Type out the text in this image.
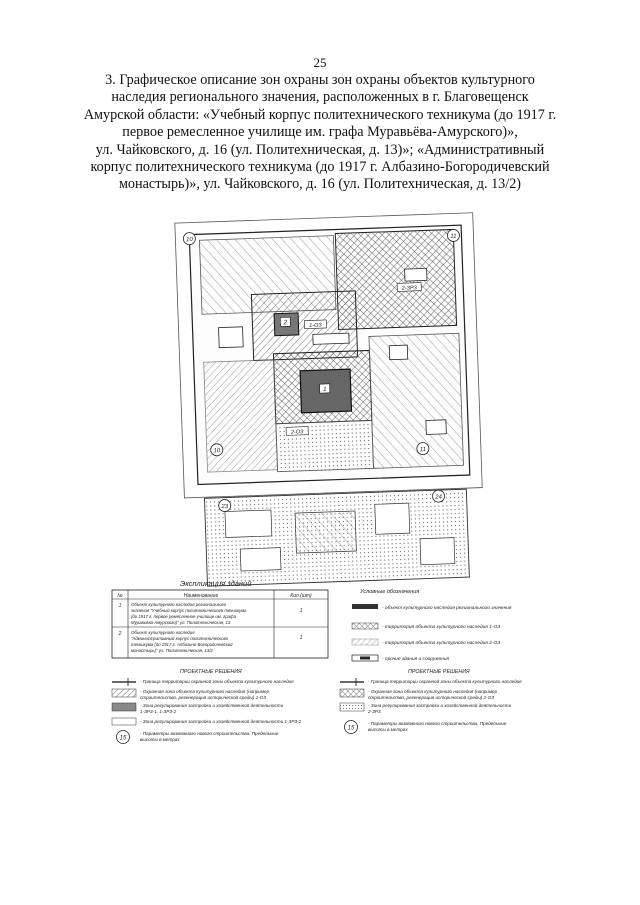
25
3. Графическое описание зон охраны зон охраны объектов культурного
наследия регионального значения, расположенных в г. Благовещенск
Амурской области: «Учебный корпус политехнического техникума (до 1917 г.
первое ремесленное училище им. графа Муравьёва-Амурского)»,
ул. Чайковского, д. 16 (ул. Политехническая, д. 13)»; «Административный
корпус политехнического техникума (до 1917 г. Албазино-Богородичевский
монастырь)», ул. Чайковского, д. 16 (ул. Политехническая, д. 13/2)
2-ЗРЗ
1-ОЗ
2-ОЗ
2
1
10
11
10	11
23
24
Экспликация зданий
№	Наименование	Кол.(шт)
1 Объект культурного наследия регионального
значения "Учебный корпус политехнического техникума
(до 1917 г. первое ремесленное училище им. графа
Муравьёва-Амурского)" ул. Политехническая, 13
1
2 Объект культурного наследия
"Административный корпус политехнического
техникума (до 1917 г. Албазино-Богородичевский
монастырь)" ул. Политехническая, 13/2
1
Условные обозначения
- объект культурного наследия регионального значения
- территория объекта культурного наследия 1-ОЗ
- территория объекта культурного наследия 2-ОЗ
- прочие здания и сооружения
ПРОЕКТНЫЕ РЕШЕНИЯ
- Граница территории охранной зоны объекта культурного наследия
- Охранная зона объекта культурного наследия (например
строительство, регенерация исторической среды) 1-ОЗ
- Зона регулирования застройки и хозяйственной деятельности
1-ЗРЗ-1, 1-ЗРЗ-2
- Зона регулирования застройки и хозяйственной деятельности 1-ЗРЗ-2
15
- Параметры возможного нового строительства. Предельные
высоты в метрах
ПРОЕКТНЫЕ РЕШЕНИЯ
- Граница территории охранной зоны объекта культурного наследия
- Охранная зона объекта культурного наследия (например
строительство, регенерация исторической среды) 2-ОЗ
- Зона регулирования застройки и хозяйственной деятельности
2-ЗРЗ
15
- Параметры возможного нового строительства. Предельные
высоты в метрах
